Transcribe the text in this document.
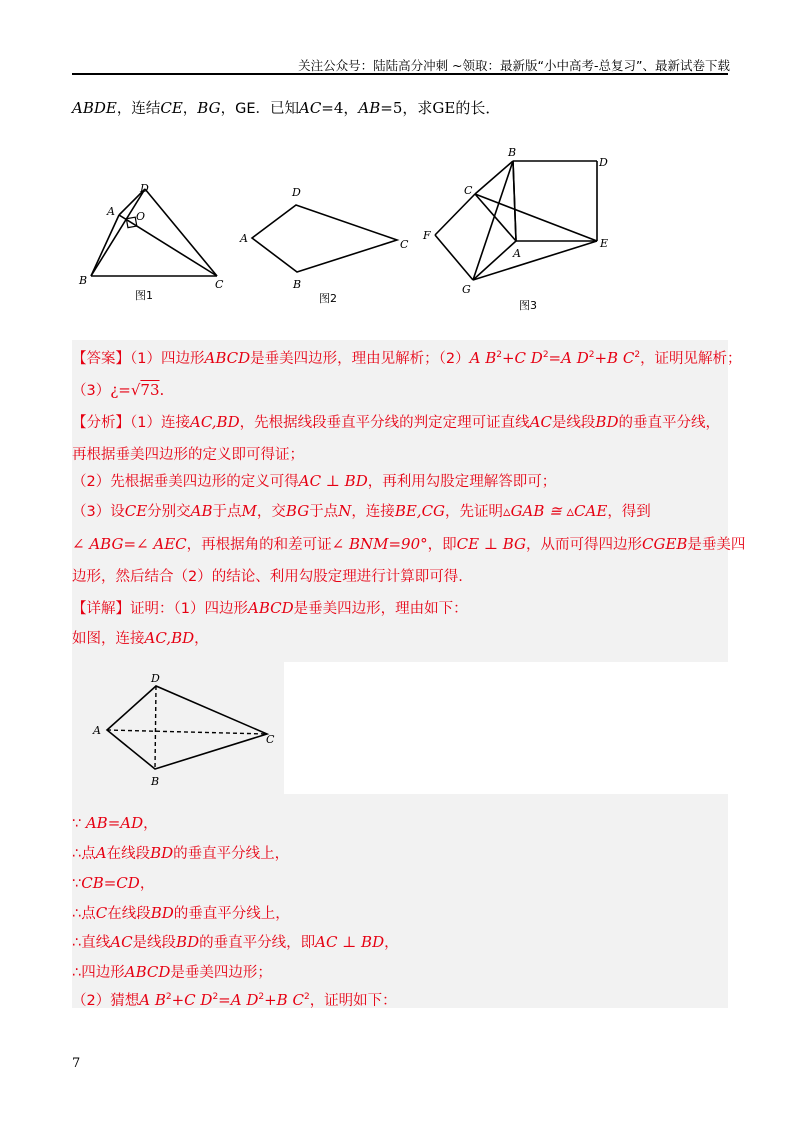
关注公众号：陆陆高分冲刺 ~领取：最新版“小中高考-总复习”、最新试卷下载
ABDE，连结CE，BG，GE．已知AC=4，AB=5，求GE的长．
D
A O
B	C
图1
D
A	C
B
图2
B
D
C
F
E
A
G
图3
【答案】（1）四边形ABCD是垂美四边形，理由见解析；（2）A $B^2+C$ $D^2=A$ $D^2+B$ $C^2$，证明见解析；
（3）¿=√73.
【分析】（1）连接AC,BD，先根据线段垂直平分线的判定定理可证直线AC是线段BD的垂直平分线，
再根据垂美四边形的定义即可得证；
（2）先根据垂美四边形的定义可得AC ⊥ BD，再利用勾股定理解答即可；
（3）设CE分别交AB于点M，交BG于点N，连接BE,CG，先证明▵GAB ≅ ▵CAE，得到
∠ ABG=∠ AEC，再根据角的和差可证∠ BNM=90°，即CE ⊥ BG，从而可得四边形CGEB是垂美四
边形，然后结合（2）的结论、利用勾股定理进行计算即可得.
【详解】证明：（1）四边形ABCD是垂美四边形，理由如下：
如图，连接AC,BD，
D
A
C
B
∵ AB=AD，
∴点A在线段BD的垂直平分线上，
∵CB=CD，
∴点C在线段BD的垂直平分线上，
∴直线AC是线段BD的垂直平分线，即AC ⊥ BD，
∴四边形ABCD是垂美四边形；
（2）猜想A $B^2+C$ $D^2=A$ $D^2+B$ $C^2$，证明如下：
7
